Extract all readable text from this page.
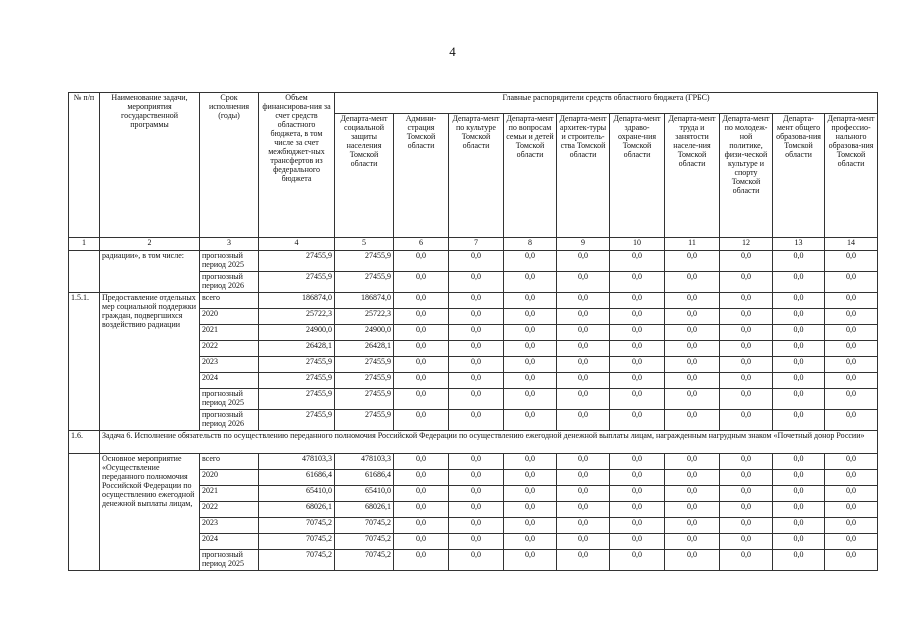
4
№ п/п	Наименование задачи, мероприятия государственной программы	Срок исполнения (годы)	Объем финансирова-ния за счет средств областного бюджета, в том числе за счет межбюджет-ных трансфертов из федерального бюджета	Главные распорядители средств областного бюджета (ГРБС)									
				Департа-мент социальной защиты населения Томской области	Админи-страция Томской области	Департа-мент по культуре Томской области	Департа-мент по вопросам семьи и детей Томской области	Департа-мент архитек-туры и строитель-ства Томской области	Департа-мент здраво-охране-ния Томской области	Департа-мент труда и занятости населе-ния Томской области	Департа-мент по молодеж-ной политике, физи-ческой культуре и спорту Томской области	Департа-мент общего образова-ния Томской области	Департа-мент профессио-нального образова-ния Томской области
1	2	3	4	5	6	7	8	9	10	11	12	13	14
	радиации», в том числе:	прогнозный период 2025	27455,9	27455,9	0,0	0,0	0,0	0,0	0,0	0,0	0,0	0,0	0,0
		прогнозный период 2026	27455,9	27455,9	0,0	0,0	0,0	0,0	0,0	0,0	0,0	0,0	0,0
1.5.1.	Предоставление отдельных мер социальной поддержки граждан, подвергшихся воздействию радиации	всего	186874,0	186874,0	0,0	0,0	0,0	0,0	0,0	0,0	0,0	0,0	0,0
		2020	25722,3	25722,3	0,0	0,0	0,0	0,0	0,0	0,0	0,0	0,0	0,0
		2021	24900,0	24900,0	0,0	0,0	0,0	0,0	0,0	0,0	0,0	0,0	0,0
		2022	26428,1	26428,1	0,0	0,0	0,0	0,0	0,0	0,0	0,0	0,0	0,0
		2023	27455,9	27455,9	0,0	0,0	0,0	0,0	0,0	0,0	0,0	0,0	0,0
		2024	27455,9	27455,9	0,0	0,0	0,0	0,0	0,0	0,0	0,0	0,0	0,0
		прогнозный период 2025	27455,9	27455,9	0,0	0,0	0,0	0,0	0,0	0,0	0,0	0,0	0,0
		прогнозный период 2026	27455,9	27455,9	0,0	0,0	0,0	0,0	0,0	0,0	0,0	0,0	0,0
1.6.	Задача 6. Исполнение обязательств по осуществлению переданного полномочия Российской Федерации по осуществлению ежегодной денежной выплаты лицам, награжденным нагрудным знаком «Почетный донор России»												
	Основное мероприятие «Осуществление переданного полномочия Российской Федерации по осуществлению ежегодной денежной выплаты лицам,	всего	478103,3	478103,3	0,0	0,0	0,0	0,0	0,0	0,0	0,0	0,0	0,0
		2020	61686,4	61686,4	0,0	0,0	0,0	0,0	0,0	0,0	0,0	0,0	0,0
		2021	65410,0	65410,0	0,0	0,0	0,0	0,0	0,0	0,0	0,0	0,0	0,0
		2022	68026,1	68026,1	0,0	0,0	0,0	0,0	0,0	0,0	0,0	0,0	0,0
		2023	70745,2	70745,2	0,0	0,0	0,0	0,0	0,0	0,0	0,0	0,0	0,0
		2024	70745,2	70745,2	0,0	0,0	0,0	0,0	0,0	0,0	0,0	0,0	0,0
		прогнозный период 2025	70745,2	70745,2	0,0	0,0	0,0	0,0	0,0	0,0	0,0	0,0	0,0
